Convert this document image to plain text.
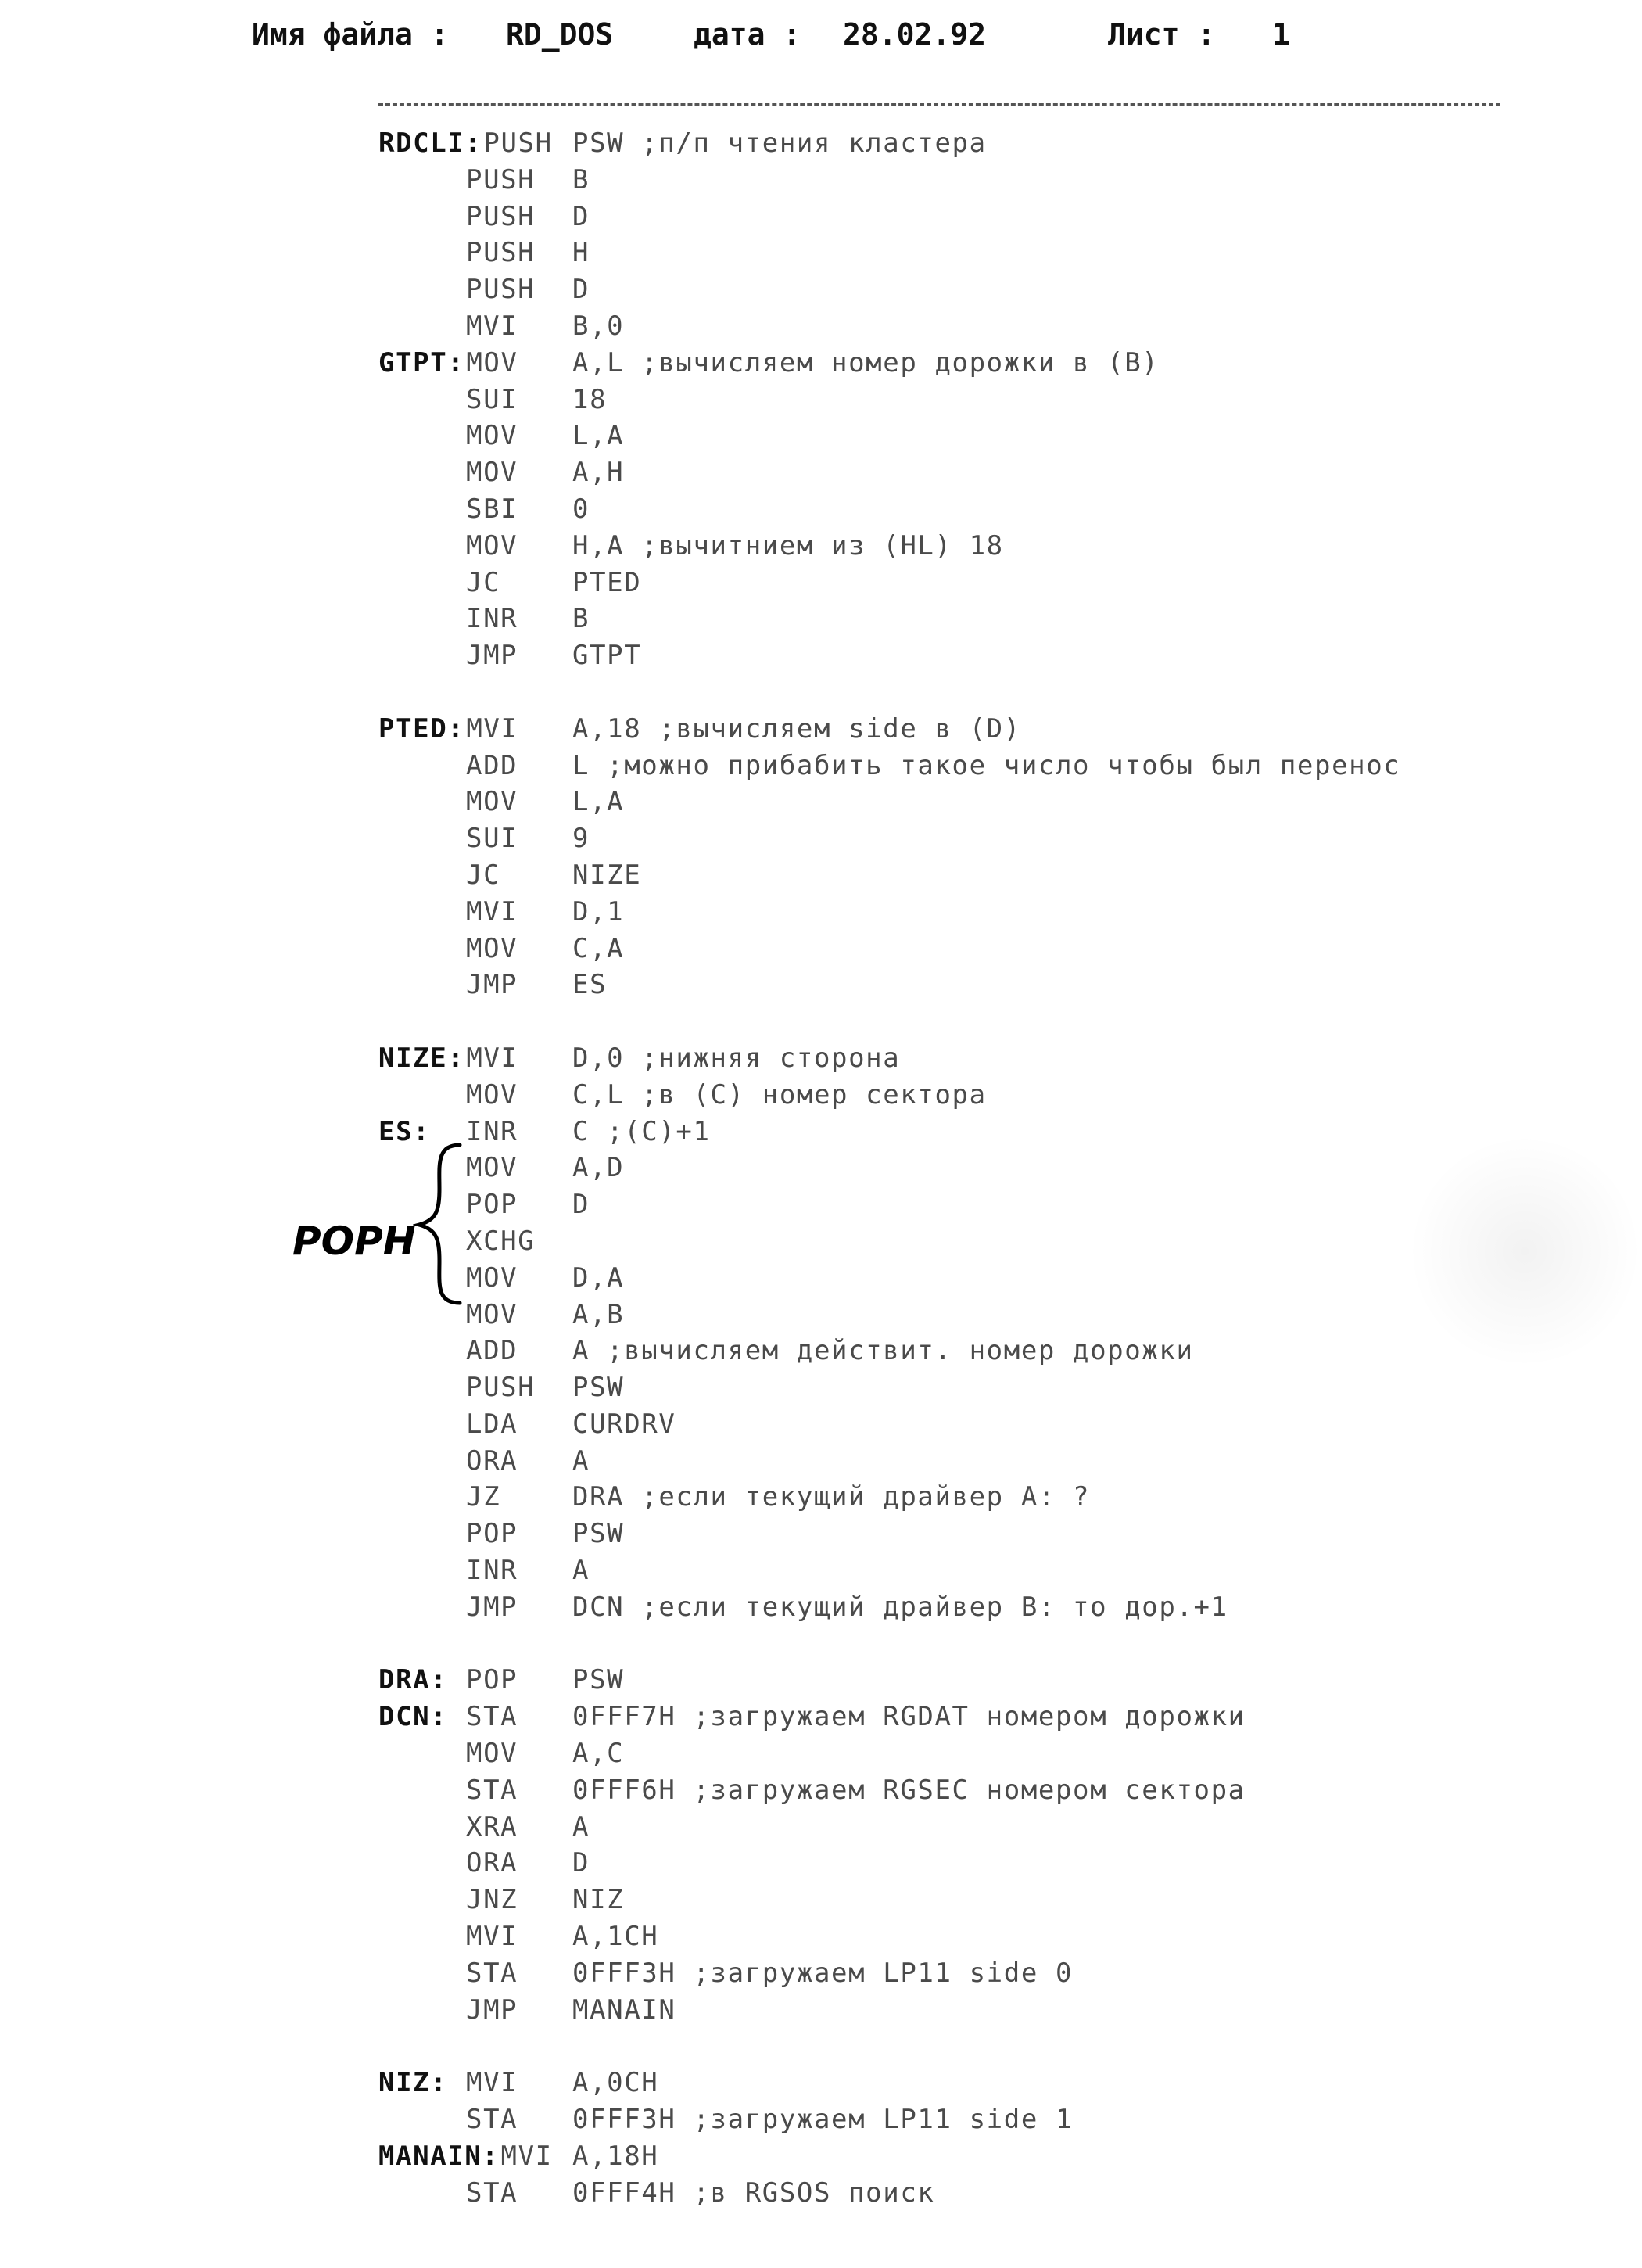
Имя файла :

RD_DOS

	дата :

28.02.92

	Лист :

1

RDCLI: PUSH PSW ;п/п чтения кластера
PUSH B
PUSH D
PUSH H
PUSH D
MVI B,0
GTPT: MOV A,L ;вычисляем номер дорожки в (B)
SUI 18
MOV L,A
MOV A,H
SBI 0
MOV H,A ;вычитнием из (HL) 18
JC	PTED
INR B
JMP GTPT
PTED: MVI A,18 ;вычисляем side в (D)
ADD L ;можно прибабить такое число чтобы был перенос
MOV L,A
SUI 9
JC	NIZE
MVI D,1
MOV C,A
JMP ES
NIZE: MVI D,0 ;нижняя сторона
MOV C,L ;в (C) номер сектора
ES: INR C ;(C)+1
MOV A,D
POP D
XCHG
MOV D,A
MOV A,B
ADD A ;вычисляем действит. номер дорожки
PUSH PSW
LDA CURDRV
ORA A
JZ	DRA ;если текущий драйвер A: ?
POP PSW
INR A
JMP DCN ;если текущий драйвер B: то дор.+1
DRA: POP PSW
DCN: STA 0FFF7H ;загружаем RGDAT номером дорожки
MOV A,C
STA 0FFF6H ;загружаем RGSEC номером сектора
XRA A
ORA D
JNZ NIZ
MVI A,1CH
STA 0FFF3H ;загружаем LP11 side 0
JMP MANAIN
NIZ: MVI A,0CH
STA 0FFF3H ;загружаем LP11 side 1
MANAIN: MVI A,18H
STA 0FFF4H ;в RGSOS поиск
POPH
